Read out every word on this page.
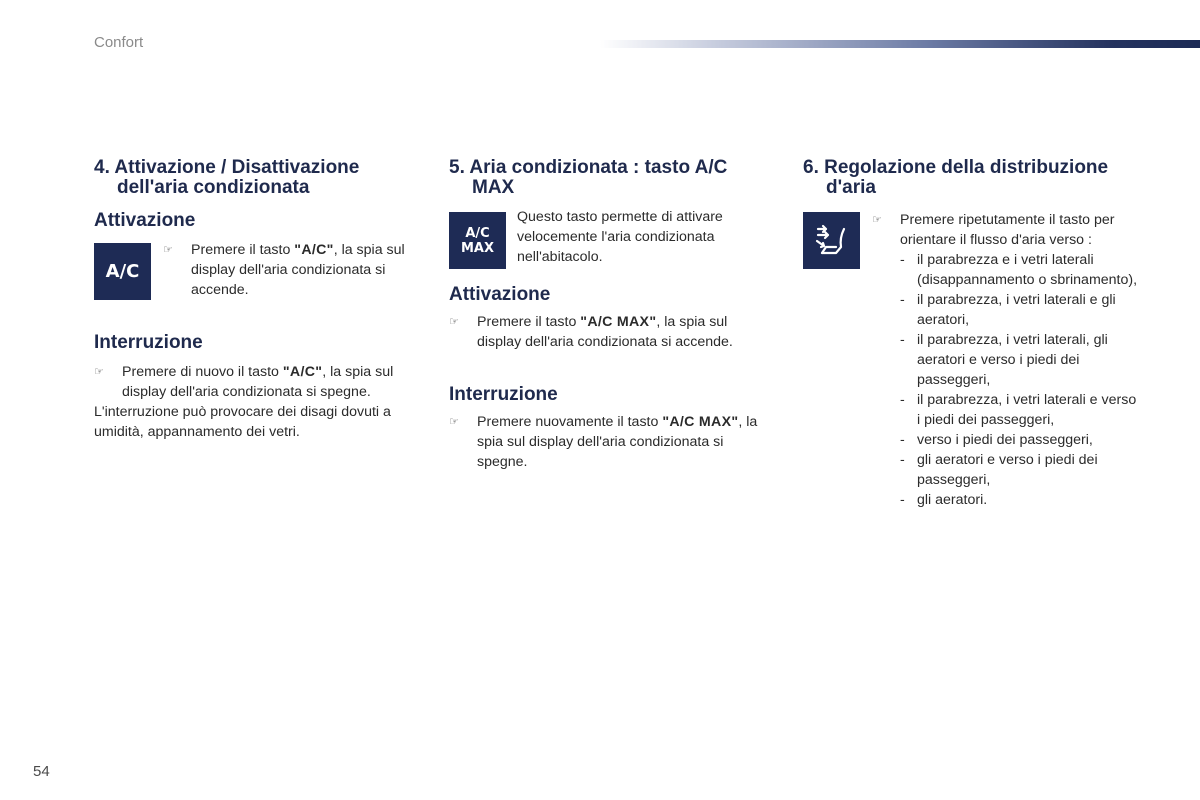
Confort

4. Attivazione / Disattivazione dell'aria condizionata

Attivazione

A/C
☞ Premere il tasto "A/C", la spia sul display dell'aria condizionata si accende.

Interruzione

☞ Premere di nuovo il tasto "A/C", la spia sul display dell'aria condizionata si spegne.
L'interruzione può provocare dei disagi dovuti a umidità, appannamento dei vetri.

5. Aria condizionata : tasto A/C MAX

A/C
MAX
Questo tasto permette di attivare velocemente l'aria condizionata nell'abitacolo.

Attivazione

☞ Premere il tasto "A/C MAX", la spia sul display dell'aria condizionata si accende.

Interruzione

☞ Premere nuovamente il tasto "A/C MAX", la spia sul display dell'aria condizionata si spegne.

6. Regolazione della distribuzione d'aria

☞ Premere ripetutamente il tasto per orientare il flusso d'aria verso :
- il parabrezza e i vetri laterali (disappannamento o sbrinamento),
- il parabrezza, i vetri laterali e gli aeratori,
- il parabrezza, i vetri laterali, gli aeratori e verso i piedi dei passeggeri,
- il parabrezza, i vetri laterali e verso i piedi dei passeggeri,
- verso i piedi dei passeggeri,
- gli aeratori e verso i piedi dei passeggeri,
- gli aeratori.
54
